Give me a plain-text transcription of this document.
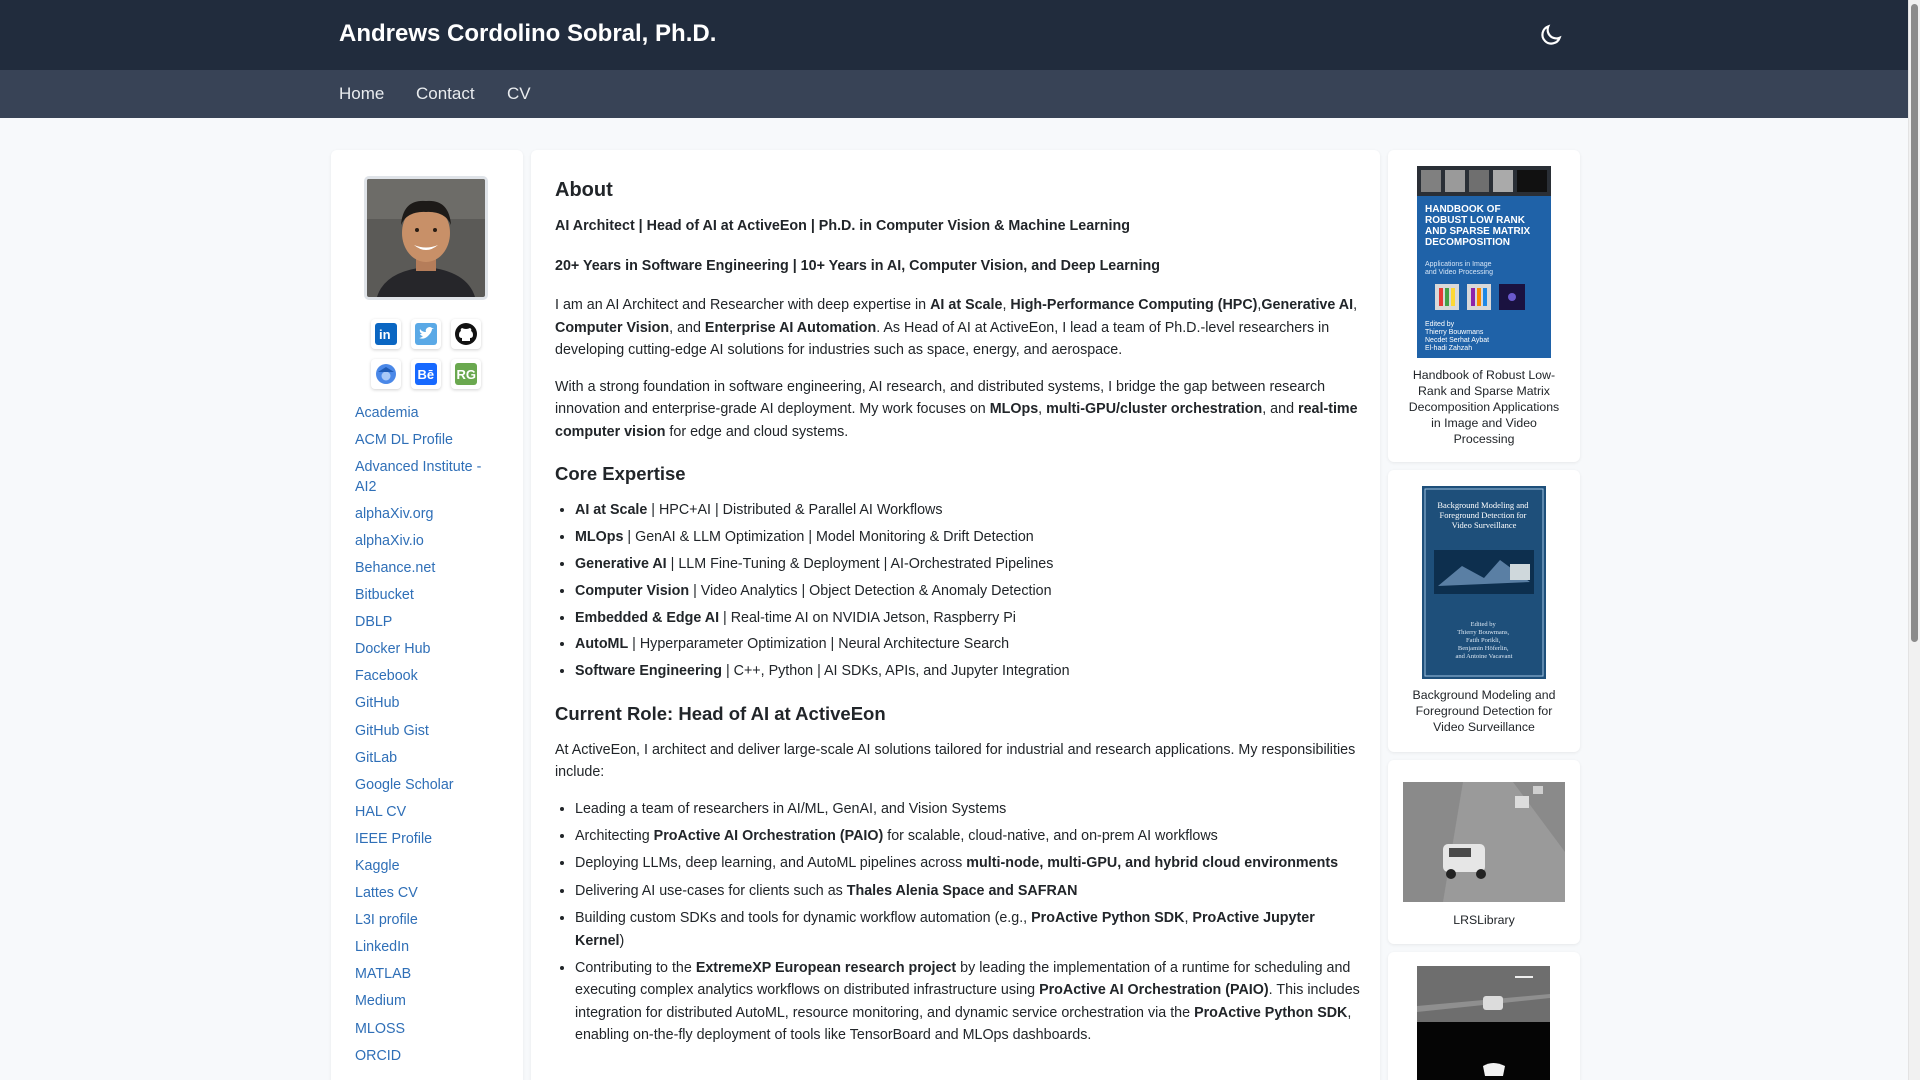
Andrews Cordolino Sobral, Ph.D.
Home Contact CV
in
Bē RG
Academia
ACM DL Profile
Advanced Institute - AI2
alphaXiv.org
alphaXiv.io
Behance.net
Bitbucket
DBLP
Docker Hub
Facebook
GitHub
GitHub Gist
GitLab
Google Scholar
HAL CV
IEEE Profile
Kaggle
Lattes CV
L3I profile
LinkedIn
MATLAB
Medium
MLOSS
ORCID
About

AI Architect | Head of AI at ActiveEon | Ph.D. in Computer Vision & Machine Learning

20+ Years in Software Engineering | 10+ Years in AI, Computer Vision, and Deep Learning

I am an AI Architect and Researcher with deep expertise in AI at Scale, High-Performance Computing (HPC),Generative AI, Computer Vision, and Enterprise AI Automation. As Head of AI at ActiveEon, I lead a team of Ph.D.-level researchers in developing cutting-edge AI solutions for industries such as space, energy, and aerospace.

With a strong foundation in software engineering, AI research, and distributed systems, I bridge the gap between research innovation and enterprise-grade AI deployment. My work focuses on MLOps, multi-GPU/cluster orchestration, and real-time computer vision for edge and cloud systems.

Core Expertise
• AI at Scale | HPC+AI | Distributed & Parallel AI Workflows
• MLOps | GenAI & LLM Optimization | Model Monitoring & Drift Detection
• Generative AI | LLM Fine-Tuning & Deployment | AI-Orchestrated Pipelines
• Computer Vision | Video Analytics | Object Detection & Anomaly Detection
• Embedded & Edge AI | Real-time AI on NVIDIA Jetson, Raspberry Pi
• AutoML | Hyperparameter Optimization | Neural Architecture Search
• Software Engineering | C++, Python | AI SDKs, APIs, and Jupyter Integration
Current Role: Head of AI at ActiveEon

At ActiveEon, I architect and deliver large-scale AI solutions tailored for industrial and research applications. My responsibilities include:

• Leading a team of researchers in AI/ML, GenAI, and Vision Systems
• Architecting ProActive AI Orchestration (PAIO) for scalable, cloud-native, and on-prem AI workflows
• Deploying LLMs, deep learning, and AutoML pipelines across multi-node, multi-GPU, and hybrid cloud environments
• Delivering AI use-cases for clients such as Thales Alenia Space and SAFRAN
• Building custom SDKs and tools for dynamic workflow automation (e.g., ProActive Python SDK, ProActive Jupyter Kernel)
• Contributing to the ExtremeXP European research project by leading the implementation of a runtime for scheduling and executing complex analytics workflows on distributed infrastructure using ProActive AI Orchestration (PAIO). This includes integration for distributed AutoML, resource monitoring, and dynamic service orchestration via the ProActive Python SDK, enabling on-the-fly deployment of tools like TensorBoard and MLOps dashboards.
HANDBOOK OF ROBUST LOW RANK AND SPARSE MATRIX DECOMPOSITION
Applications in Image and Video Processing
Edited by Thierry Bouwmans Necdet Serhat Aybat El-hadi Zahzah
Handbook of Robust Low-Rank and Sparse Matrix Decomposition Applications in Image and Video Processing
Background Modeling and Foreground Detection for Video Surveillance
Edited by Thierry Bouwmans, Fatih Porikli, Benjamin Höferlin, and Antoine Vacavant
Background Modeling and Foreground Detection for Video Surveillance
LRSLibrary
